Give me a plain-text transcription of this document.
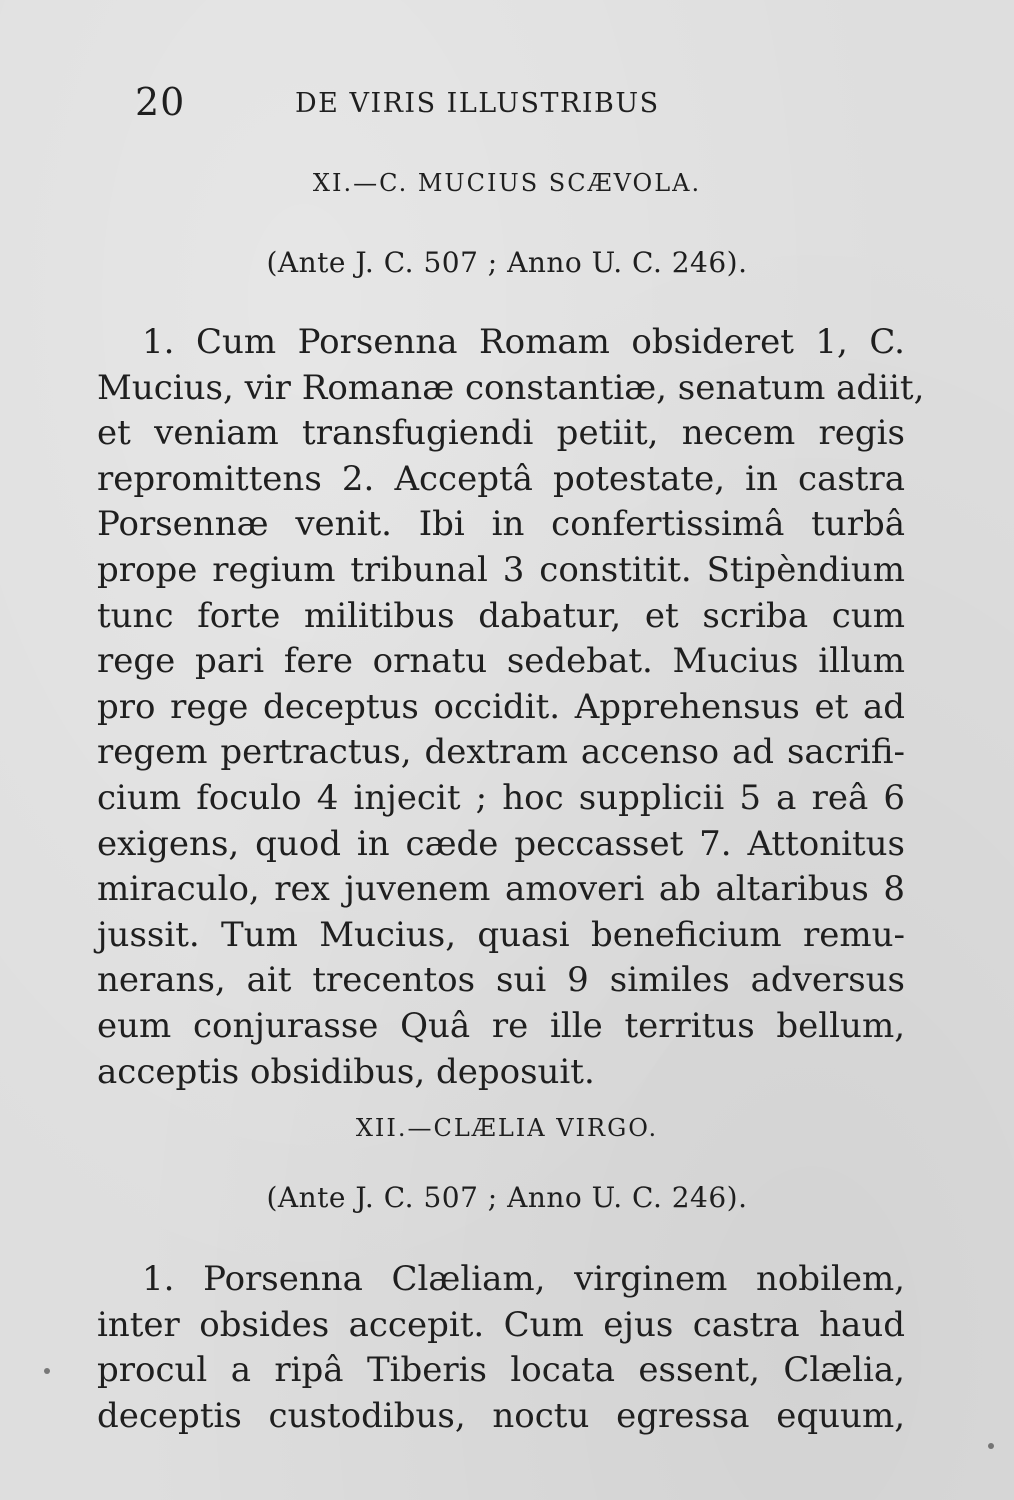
20	DE VIRIS ILLUSTRIBUS
XI.—C. MUCIUS SCÆVOLA.
(Ante J. C. 507 ; Anno U. C. 246).
1. Cum Porsenna Romam obsideret 1, C.
Mucius, vir Romanæ constantiæ, senatum adiit,
et veniam transfugiendi petiit, necem regis
repromittens 2. Acceptâ potestate, in castra
Porsennæ venit. Ibi in confertissimâ turbâ
prope regium tribunal 3 constitit. Stipèndium
tunc forte militibus dabatur, et scriba cum
rege pari fere ornatu sedebat. Mucius illum
pro rege deceptus occidit. Apprehensus et ad
regem pertractus, dextram accenso ad sacrifi-
cium foculo 4 injecit ; hoc supplicii 5 a reâ 6
exigens, quod in cæde peccasset 7. Attonitus
miraculo, rex juvenem amoveri ab altaribus 8
jussit. Tum Mucius, quasi beneficium remu-
nerans, ait trecentos sui 9 similes adversus
eum conjurasse Quâ re ille territus bellum,
acceptis obsidibus, deposuit.
XII.—CLÆLIA VIRGO.
(Ante J. C. 507 ; Anno U. C. 246).
1. Porsenna Clæliam, virginem nobilem,
inter obsides accepit. Cum ejus castra haud
procul a ripâ Tiberis locata essent, Clælia,
deceptis custodibus, noctu egressa equum,
